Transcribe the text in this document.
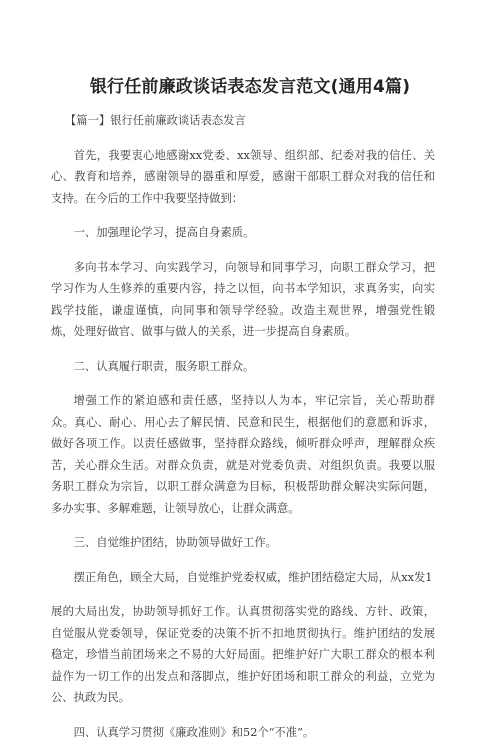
银行任前廉政谈话表态发言范文(通用4篇)

【篇一】银行任前廉政谈话表态发言

首先，我要衷心地感谢xx党委、xx领导、组织部、纪委对我的信任、关心、教育和培养，感谢领导的器重和厚爱，感谢干部职工群众对我的信任和支持。在今后的工作中我要坚持做到：

一、加强理论学习，提高自身素质。

多向书本学习、向实践学习，向领导和同事学习，向职工群众学习，把学习作为人生修养的重要内容，持之以恒，向书本学知识，求真务实，向实践学技能，谦虚谨慎，向同事和领导学经验。改造主观世界，增强党性锻炼，处理好做官、做事与做人的关系，进一步提高自身素质。

二、认真履行职责，服务职工群众。

增强工作的紧迫感和责任感，坚持以人为本，牢记宗旨，关心帮助群众。真心、耐心、用心去了解民情、民意和民生，根据他们的意愿和诉求，做好各项工作。以责任感做事，坚持群众路线，倾听群众呼声，理解群众疾苦，关心群众生活。对群众负责，就是对党委负责、对组织负责。我要以服务职工群众为宗旨，以职工群众满意为目标，积极帮助群众解决实际问题，多办实事、多解难题，让领导放心，让群众满意。

三、自觉维护团结，协助领导做好工作。

摆正角色，顾全大局，自觉维护党委权威，维护团结稳定大局，从xx发1

展的大局出发，协助领导抓好工作。认真贯彻落实党的路线、方针、政策，自觉服从党委领导，保证党委的决策不折不扣地贯彻执行。维护团结的发展稳定，珍惜当前团场来之不易的大好局面。把维护好广大职工群众的根本利益作为一切工作的出发点和落脚点，维护好团场和职工群众的利益，立党为公、执政为民。

四、认真学习贯彻《廉政准则》和52个“不准”。
